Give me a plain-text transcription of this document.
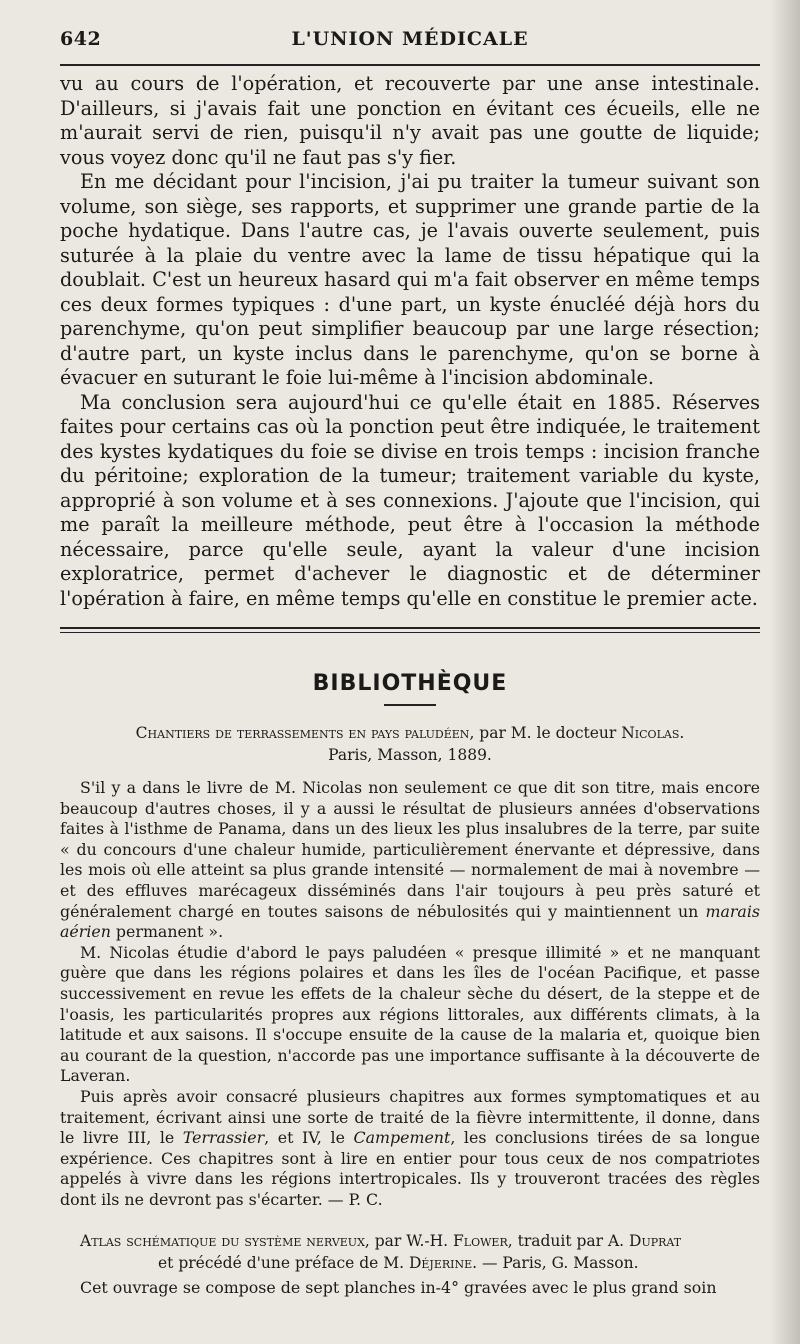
642	L'UNION MÉDICALE

vu au cours de l'opération, et recouverte par une anse intestinale. D'ailleurs, si j'avais fait une ponction en évitant ces écueils, elle ne m'aurait servi de rien, puisqu'il n'y avait pas une goutte de liquide; vous voyez donc qu'il ne faut pas s'y fier.

En me décidant pour l'incision, j'ai pu traiter la tumeur suivant son volume, son siège, ses rapports, et supprimer une grande partie de la poche hydatique. Dans l'autre cas, je l'avais ouverte seulement, puis suturée à la plaie du ventre avec la lame de tissu hépatique qui la doublait. C'est un heureux hasard qui m'a fait observer en même temps ces deux formes typiques : d'une part, un kyste énucléé déjà hors du parenchyme, qu'on peut simplifier beaucoup par une large résection; d'autre part, un kyste inclus dans le parenchyme, qu'on se borne à évacuer en suturant le foie lui-même à l'incision abdominale.

Ma conclusion sera aujourd'hui ce qu'elle était en 1885. Réserves faites pour certains cas où la ponction peut être indiquée, le traitement des kystes kydatiques du foie se divise en trois temps : incision franche du péritoine; exploration de la tumeur; traitement variable du kyste, approprié à son volume et à ses connexions. J'ajoute que l'incision, qui me paraît la meilleure méthode, peut être à l'occasion la méthode nécessaire, parce qu'elle seule, ayant la valeur d'une incision exploratrice, permet d'achever le diagnostic et de déterminer l'opération à faire, en même temps qu'elle en constitue le premier acte.

BIBLIOTHÈQUE
Chantiers de terrassements en pays paludéen, par M. le docteur Nicolas.
Paris, Masson, 1889.

S'il y a dans le livre de M. Nicolas non seulement ce que dit son titre, mais encore beaucoup d'autres choses, il y a aussi le résultat de plusieurs années d'observations faites à l'isthme de Panama, dans un des lieux les plus insalubres de la terre, par suite « du concours d'une chaleur humide, particulièrement énervante et dépressive, dans les mois où elle atteint sa plus grande intensité — normalement de mai à novembre — et des effluves marécageux disséminés dans l'air toujours à peu près saturé et généralement chargé en toutes saisons de nébulosités qui y maintiennent un marais aérien permanent ».

M. Nicolas étudie d'abord le pays paludéen « presque illimité » et ne manquant guère que dans les régions polaires et dans les îles de l'océan Pacifique, et passe successivement en revue les effets de la chaleur sèche du désert, de la steppe et de l'oasis, les particularités propres aux régions littorales, aux différents climats, à la latitude et aux saisons. Il s'occupe ensuite de la cause de la malaria et, quoique bien au courant de la question, n'accorde pas une importance suffisante à la découverte de Laveran.

Puis après avoir consacré plusieurs chapitres aux formes symptomatiques et au traitement, écrivant ainsi une sorte de traité de la fièvre intermittente, il donne, dans le livre III, le Terrassier, et IV, le Campement, les conclusions tirées de sa longue expérience. Ces chapitres sont à lire en entier pour tous ceux de nos compatriotes appelés à vivre dans les régions intertropicales. Ils y trouveront tracées des règles dont ils ne devront pas s'écarter. — P. C.

Atlas schématique du système nerveux, par W.-H. Flower, traduit par A. Duprat
et précédé d'une préface de M. Déjerine. — Paris, G. Masson.

Cet ouvrage se compose de sept planches in-4° gravées avec le plus grand soin
